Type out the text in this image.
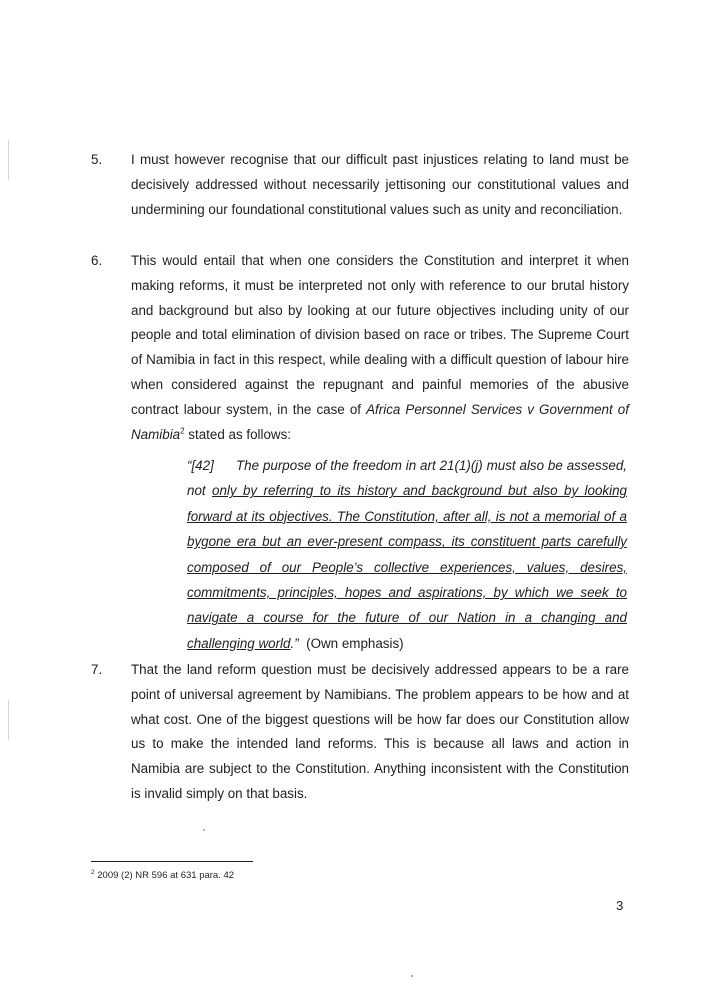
5. I must however recognise that our difficult past injustices relating to land must be decisively addressed without necessarily jettisoning our constitutional values and undermining our foundational constitutional values such as unity and reconciliation.

6. This would entail that when one considers the Constitution and interpret it when making reforms, it must be interpreted not only with reference to our brutal history and background but also by looking at our future objectives including unity of our people and total elimination of division based on race or tribes. The Supreme Court of Namibia in fact in this respect, while dealing with a difficult question of labour hire when considered against the repugnant and painful memories of the abusive contract labour system, in the case of Africa Personnel Services v Government of Namibia$^2$ stated as follows:

“[42] The purpose of the freedom in art 21(1)(j) must also be assessed, not only by referring to its history and background but also by looking forward at its objectives. The Constitution, after all, is not a memorial of a bygone era but an ever-present compass, its constituent parts carefully composed of our People’s collective experiences, values, desires, commitments, principles, hopes and aspirations, by which we seek to navigate a course for the future of our Nation in a changing and challenging world.” (Own emphasis)

7. That the land reform question must be decisively addressed appears to be a rare point of universal agreement by Namibians. The problem appears to be how and at what cost. One of the biggest questions will be how far does our Constitution allow us to make the intended land reforms. This is because all laws and action in Namibia are subject to the Constitution. Anything inconsistent with the Constitution is invalid simply on that basis.

$^2$ 2009 (2) NR 596 at 631 para. 42
3
